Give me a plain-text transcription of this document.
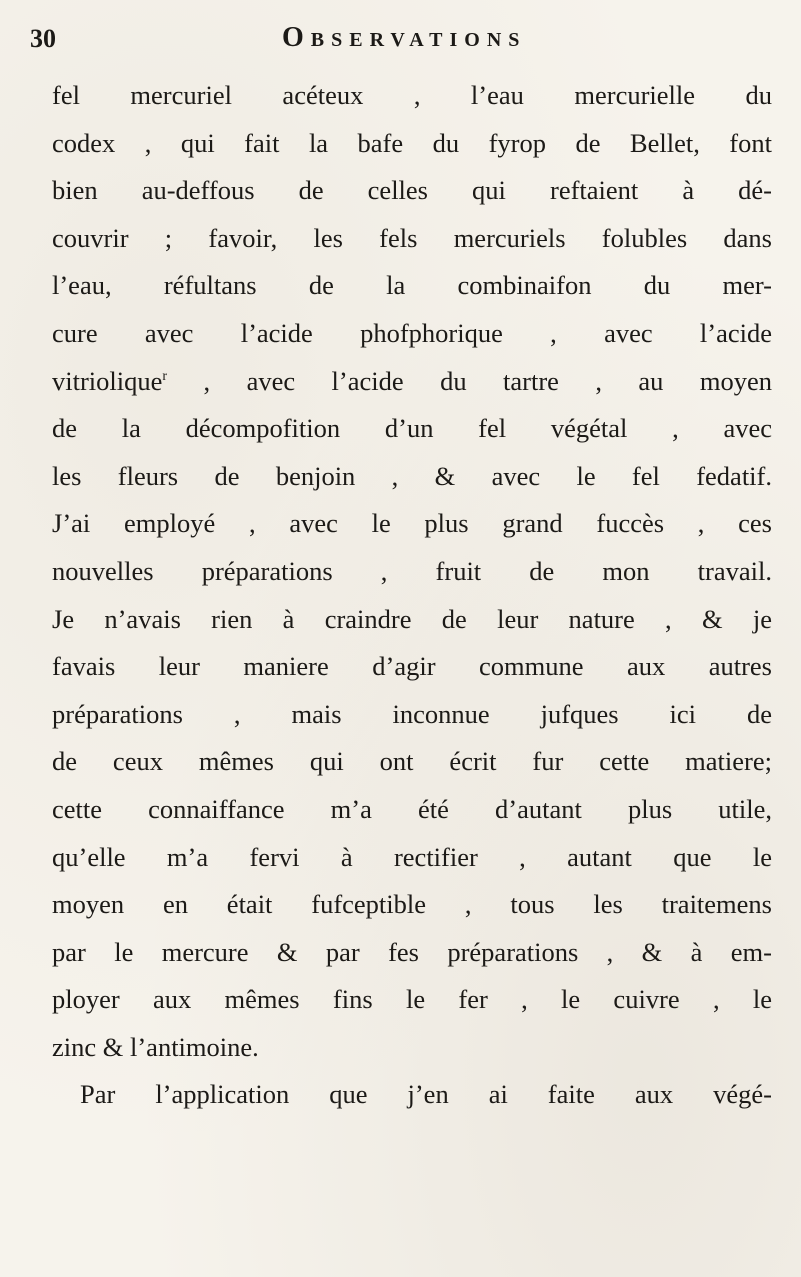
30	Observations
fel mercuriel acéteux , l’eau mercurielle du
codex , qui fait la bafe du fyrop de Bellet, font
bien au-deffous de celles qui reftaient à dé-
couvrir ; favoir, les fels mercuriels folubles dans
l’eau, réfultans de la combinaifon du mer-
cure avec l’acide phofphorique , avec l’acide
vitriolique$^r$ , avec l’acide du tartre , au moyen
de la décompofition d’un fel végétal , avec
les fleurs de benjoin , & avec le fel fedatif.
J’ai employé , avec le plus grand fuccès , ces
nouvelles préparations , fruit de mon travail.
Je n’avais rien à craindre de leur nature , & je
favais leur maniere d’agir commune aux autres
préparations , mais inconnue jufques ici de
de ceux mêmes qui ont écrit fur cette matiere;
cette connaiffance m’a été d’autant plus utile,
qu’elle m’a fervi à rectifier , autant que le
moyen en était fufceptible , tous les traitemens
par le mercure & par fes préparations , & à em-
ployer aux mêmes fins le fer , le cuivre , le
zinc & l’antimoine.
Par l’application que j’en ai faite aux végé-
